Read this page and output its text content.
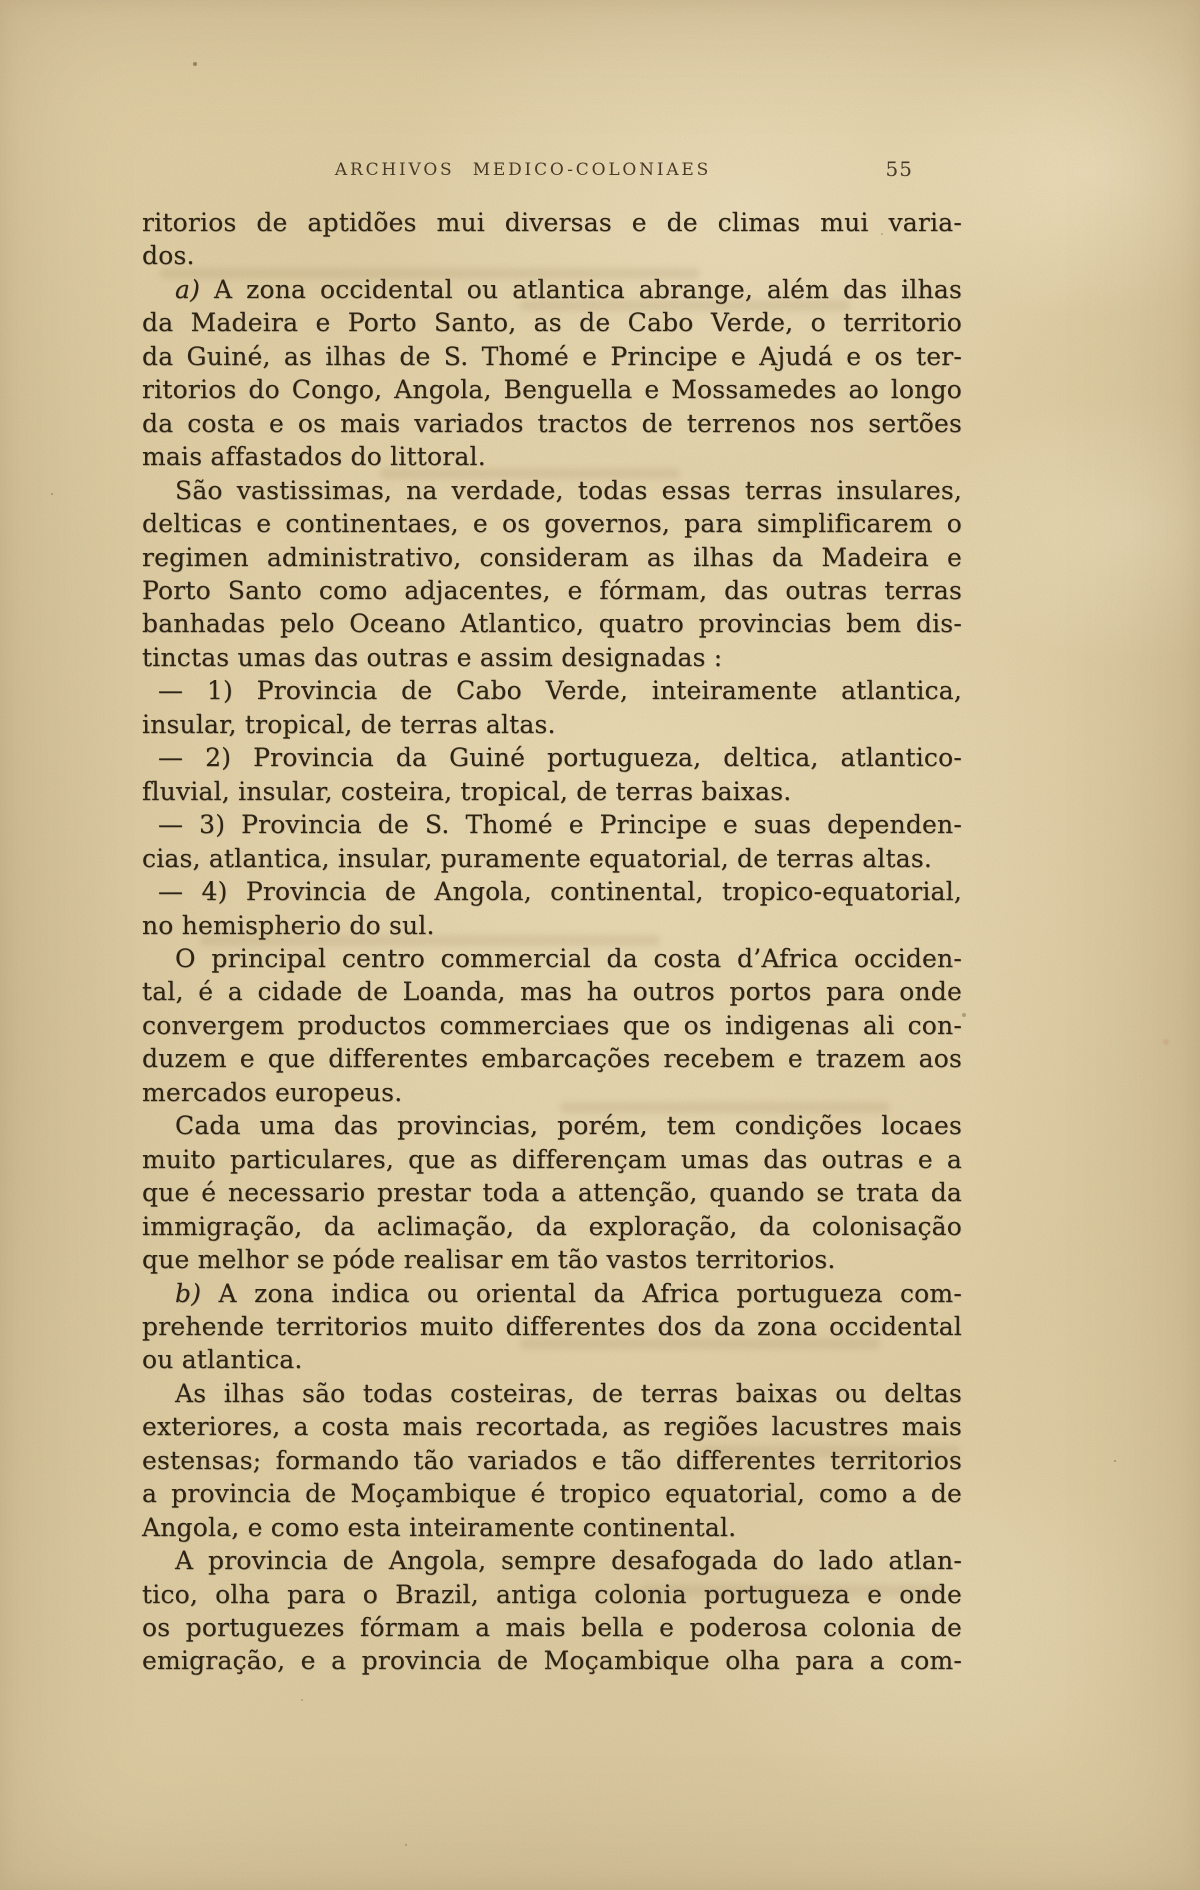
ARCHIVOS MEDICO-COLONIAES	55
ritorios de aptidões mui diversas e de climas mui varia-
dos.
a) A zona occidental ou atlantica abrange, além das ilhas
da Madeira e Porto Santo, as de Cabo Verde, o territorio
da Guiné, as ilhas de S. Thomé e Principe e Ajudá e os ter-
ritorios do Congo, Angola, Benguella e Mossamedes ao longo
da costa e os mais variados tractos de terrenos nos sertões
mais affastados do littoral.
São vastissimas, na verdade, todas essas terras insulares,
delticas e continentaes, e os governos, para simplificarem o
regimen administrativo, consideram as ilhas da Madeira e
Porto Santo como adjacentes, e fórmam, das outras terras
banhadas pelo Oceano Atlantico, quatro provincias bem dis-
tinctas umas das outras e assim designadas :
— 1) Provincia de Cabo Verde, inteiramente atlantica,
insular, tropical, de terras altas.
— 2) Provincia da Guiné portugueza, deltica, atlantico-
fluvial, insular, costeira, tropical, de terras baixas.
— 3) Provincia de S. Thomé e Principe e suas dependen-
cias, atlantica, insular, puramente equatorial, de terras altas.
— 4) Provincia de Angola, continental, tropico-equatorial,
no hemispherio do sul.
O principal centro commercial da costa d’Africa occiden-
tal, é a cidade de Loanda, mas ha outros portos para onde
convergem productos commerciaes que os indigenas ali con-
duzem e que differentes embarcações recebem e trazem aos
mercados europeus.
Cada uma das provincias, porém, tem condições locaes
muito particulares, que as differençam umas das outras e a
que é necessario prestar toda a attenção, quando se trata da
immigração, da aclimação, da exploração, da colonisação
que melhor se póde realisar em tão vastos territorios.
b) A zona indica ou oriental da Africa portugueza com-
prehende territorios muito differentes dos da zona occidental
ou atlantica.
As ilhas são todas costeiras, de terras baixas ou deltas
exteriores, a costa mais recortada, as regiões lacustres mais
estensas; formando tão variados e tão differentes territorios
a provincia de Moçambique é tropico equatorial, como a de
Angola, e como esta inteiramente continental.
A provincia de Angola, sempre desafogada do lado atlan-
tico, olha para o Brazil, antiga colonia portugueza e onde
os portuguezes fórmam a mais bella e poderosa colonia de
emigração, e a provincia de Moçambique olha para a com-
